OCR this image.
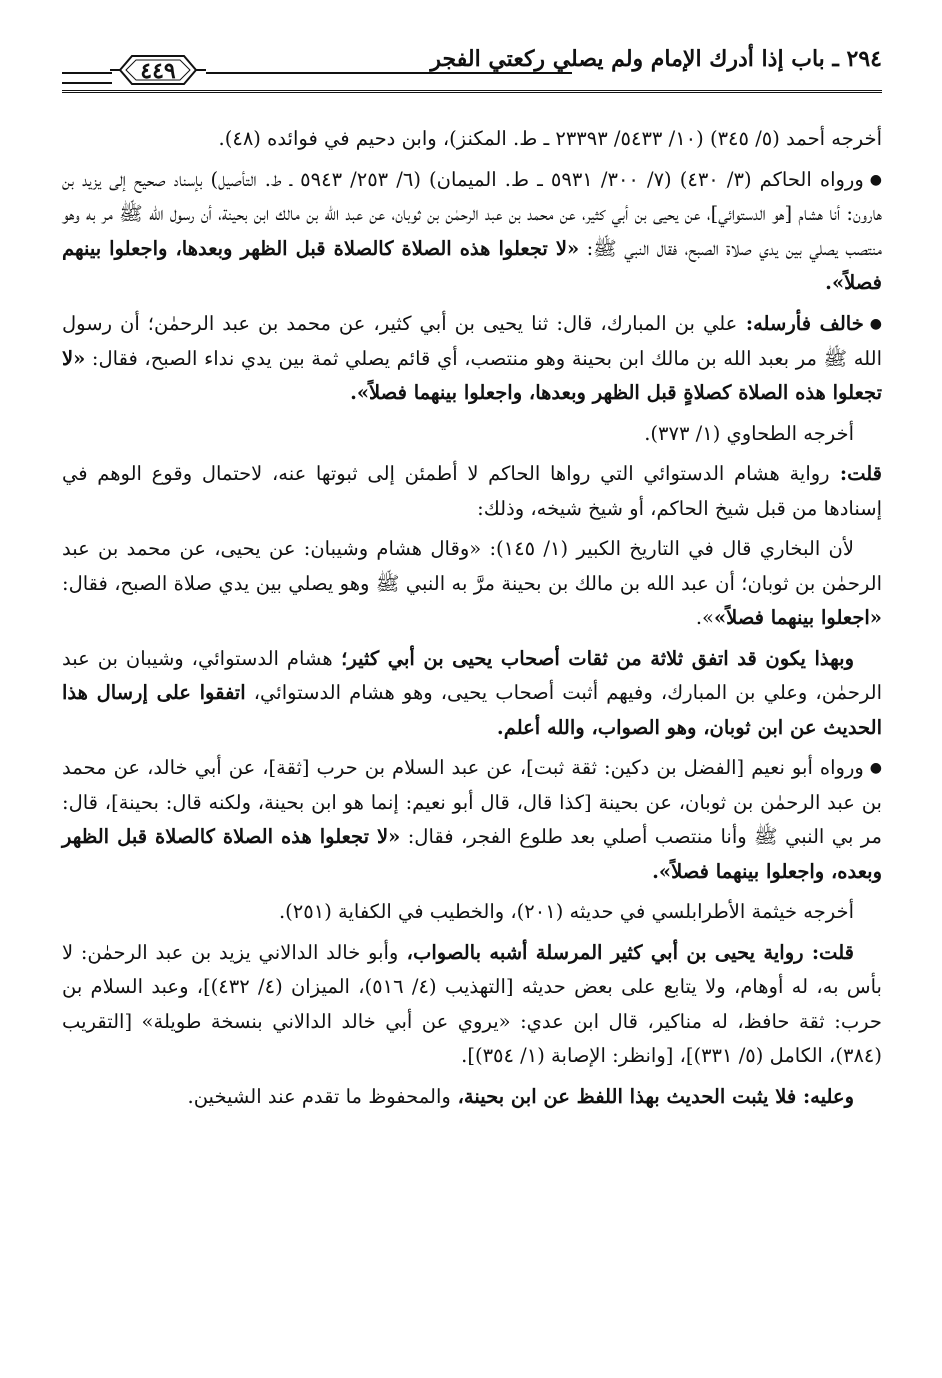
٢٩٤ ـ باب إذا أدرك الإمام ولم يصلي ركعتي الفجر
٤٤٩

أخرجه أحمد (٥/ ٣٤٥) (١٠/ ٥٤٣٣/ ٢٣٣٩٣ ـ ط. المكنز)، وابن دحيم في فوائده (٤٨).

●ورواه الحاكم (٣/ ٤٣٠) (٧/ ٣٠٠/ ٥٩٣١ ـ ط. الميمان) (٦/ ٢٥٣/ ٥٩٤٣ ـ ط. التأصيل) بإسناد صحيح إلى يزيد بن هارون: أنا هشام [هو الدستوائي]، عن يحيى بن أبي كثير، عن محمد بن عبد الرحمٰن بن ثوبان، عن عبد الله بن مالك ابن بحينة، أن رسول الله ﷺ مر به وهو منتصب يصلي بين يدي صلاة الصبح، فقال النبي ﷺ: «لا تجعلوا هذه الصلاة كالصلاة قبل الظهر وبعدها، واجعلوا بينهم فصلاً».

●خالف فأرسله: علي بن المبارك، قال: ثنا يحيى بن أبي كثير، عن محمد بن عبد الرحمٰن؛ أن رسول الله ﷺ مر بعبد الله بن مالك ابن بحينة وهو منتصب، أي قائم يصلي ثمة بين يدي نداء الصبح، فقال: «لا تجعلوا هذه الصلاة كصلاةٍ قبل الظهر وبعدها، واجعلوا بينهما فصلاً».

أخرجه الطحاوي (١/ ٣٧٣).

قلت: رواية هشام الدستوائي التي رواها الحاكم لا أطمئن إلى ثبوتها عنه، لاحتمال وقوع الوهم في إسنادها من قبل شيخ الحاكم، أو شيخ شيخه، وذلك:

لأن البخاري قال في التاريخ الكبير (١/ ١٤٥): «وقال هشام وشيبان: عن يحيى، عن محمد بن عبد الرحمٰن بن ثوبان؛ أن عبد الله بن مالك بن بحينة مرَّ به النبي ﷺ وهو يصلي بين يدي صلاة الصبح، فقال: «اجعلوا بينهما فصلاً»».

وبهذا يكون قد اتفق ثلاثة من ثقات أصحاب يحيى بن أبي كثير؛ هشام الدستوائي، وشيبان بن عبد الرحمٰن، وعلي بن المبارك، وفيهم أثبت أصحاب يحيى، وهو هشام الدستوائي، اتفقوا على إرسال هذا الحديث عن ابن ثوبان، وهو الصواب، والله أعلم.

●ورواه أبو نعيم [الفضل بن دكين: ثقة ثبت]، عن عبد السلام بن حرب [ثقة]، عن أبي خالد، عن محمد بن عبد الرحمٰن بن ثوبان، عن بحينة [كذا قال، قال أبو نعيم: إنما هو ابن بحينة، ولكنه قال: بحينة]، قال: مر بي النبي ﷺ وأنا منتصب أصلي بعد طلوع الفجر، فقال: «لا تجعلوا هذه الصلاة كالصلاة قبل الظهر وبعده، واجعلوا بينهما فصلاً».

أخرجه خيثمة الأطرابلسي في حديثه (٢٠١)، والخطيب في الكفاية (٢٥١).

قلت: رواية يحيى بن أبي كثير المرسلة أشبه بالصواب، وأبو خالد الدالاني يزيد بن عبد الرحمٰن: لا بأس به، له أوهام، ولا يتابع على بعض حديثه [التهذيب (٤/ ٥١٦)، الميزان (٤/ ٤٣٢)]، وعبد السلام بن حرب: ثقة حافظ، له مناكير، قال ابن عدي: «يروي عن أبي خالد الدالاني بنسخة طويلة» [التقريب (٣٨٤)، الكامل (٥/ ٣٣١)]، [وانظر: الإصابة (١/ ٣٥٤)].

وعليه: فلا يثبت الحديث بهذا اللفظ عن ابن بحينة، والمحفوظ ما تقدم عند الشيخين.
